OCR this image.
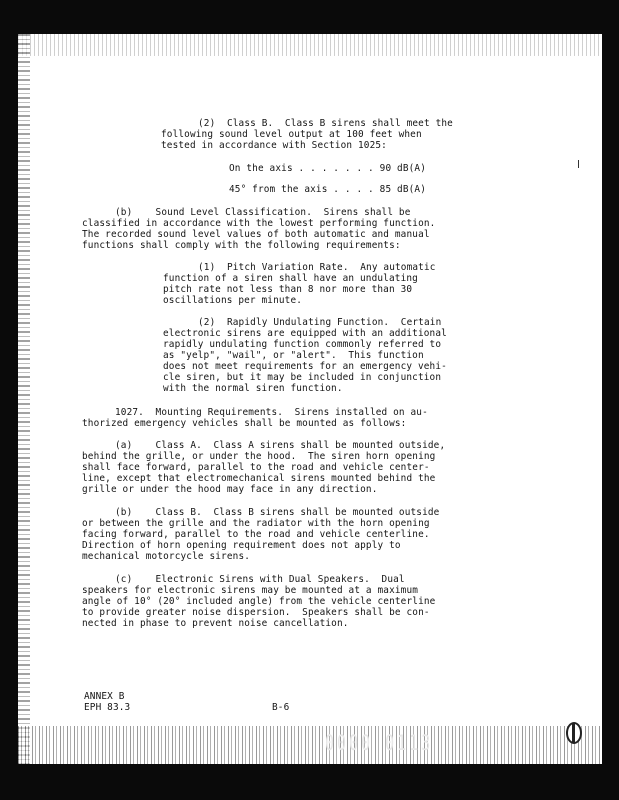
(2)  Class B.  Class B sirens shall meet the

following sound level output at 100 feet when

tested in accordance with Section 1025:

On the axis . . . . . . . 90 dB(A)

45° from the axis . . . . 85 dB(A)

(b)    Sound Level Classification.  Sirens shall be

classified in accordance with the lowest performing function.

The recorded sound level values of both automatic and manual

functions shall comply with the following requirements:

(1)  Pitch Variation Rate.  Any automatic

function of a siren shall have an undulating

pitch rate not less than 8 nor more than 30

oscillations per minute.

(2)  Rapidly Undulating Function.  Certain

electronic sirens are equipped with an additional

rapidly undulating function commonly referred to

as "yelp", "wail", or "alert".  This function

does not meet requirements for an emergency vehi-

cle siren, but it may be included in conjunction

with the normal siren function.

1027.  Mounting Requirements.  Sirens installed on au-

thorized emergency vehicles shall be mounted as follows:

(a)    Class A.  Class A sirens shall be mounted outside,

behind the grille, or under the hood.  The siren horn opening

shall face forward, parallel to the road and vehicle center-

line, except that electromechanical sirens mounted behind the

grille or under the hood may face in any direction.

(b)    Class B.  Class B sirens shall be mounted outside

or between the grille and the radiator with the horn opening

facing forward, parallel to the road and vehicle centerline.

Direction of horn opening requirement does not apply to

mechanical motorcycle sirens.

(c)    Electronic Sirens with Dual Speakers.  Dual

speakers for electronic sirens may be mounted at a maximum

angle of 10° (20° included angle) from the vehicle centerline

to provide greater noise dispersion.  Speakers shall be con-

nected in phase to prevent noise cancellation.

ANNEX B

EPH 83.3	B-6

0000 0113
